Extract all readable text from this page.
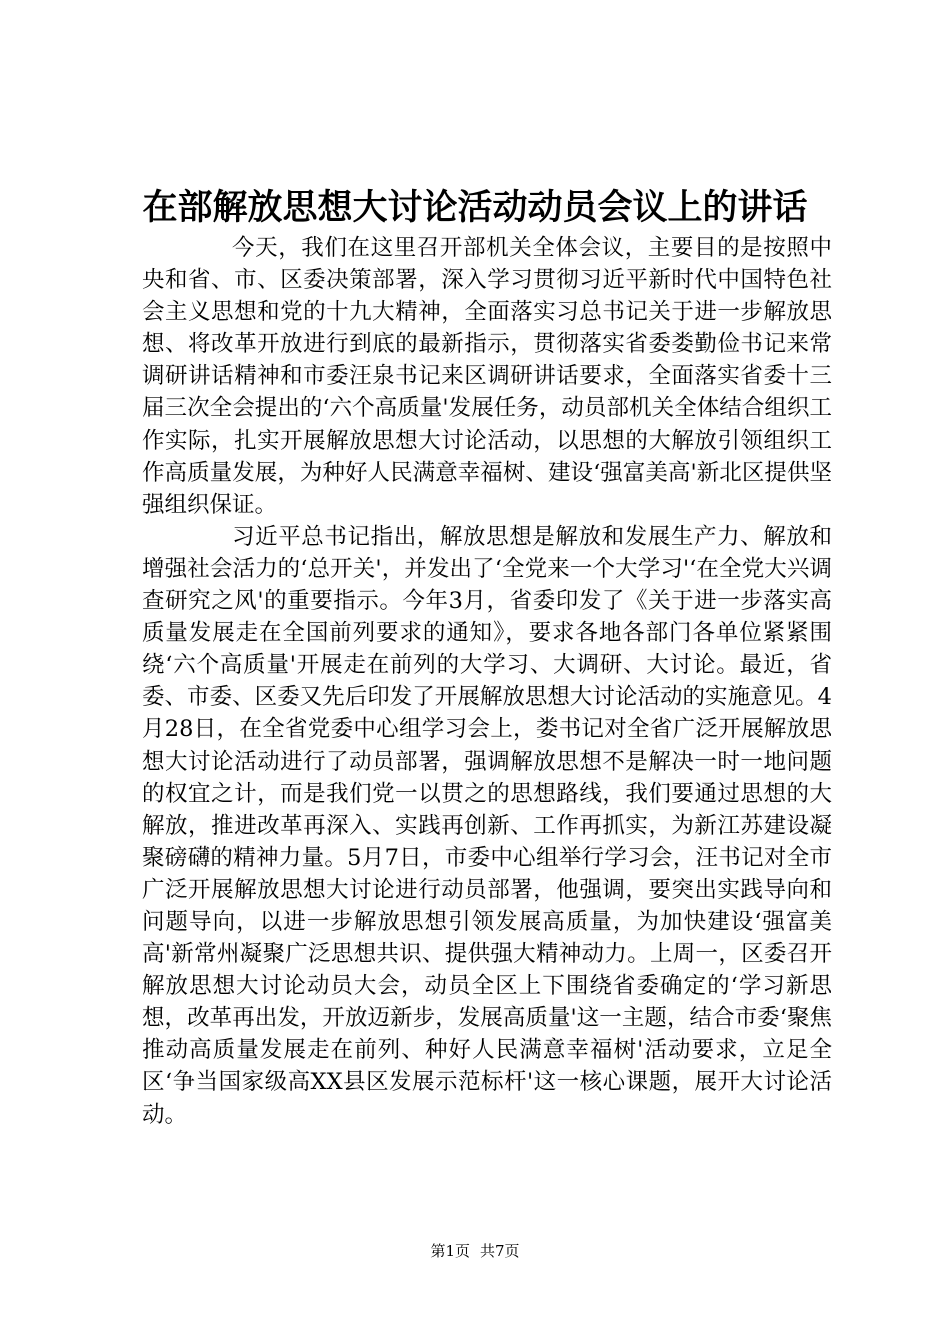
在部解放思想大讨论活动动员会议上的讲话

今天，我们在这里召开部机关全体会议，主要目的是按照中央和省、市、区委决策部署，深入学习贯彻习近平新时代中国特色社会主义思想和党的十九大精神，全面落实习总书记关于进一步解放思想、将改革开放进行到底的最新指示，贯彻落实省委娄勤俭书记来常调研讲话精神和市委汪泉书记来区调研讲话要求，全面落实省委十三届三次全会提出的‘六个高质量'发展任务，动员部机关全体结合组织工作实际，扎实开展解放思想大讨论活动，以思想的大解放引领组织工作高质量发展，为种好人民满意幸福树、建设‘强富美高'新北区提供坚强组织保证。

习近平总书记指出，解放思想是解放和发展生产力、解放和增强社会活力的‘总开关'，并发出了‘全党来一个大学习'‘在全党大兴调查研究之风'的重要指示。今年3月，省委印发了《关于进一步落实高质量发展走在全国前列要求的通知》，要求各地各部门各单位紧紧围绕‘六个高质量'开展走在前列的大学习、大调研、大讨论。最近，省委、市委、区委又先后印发了开展解放思想大讨论活动的实施意见。4月28日，在全省党委中心组学习会上，娄书记对全省广泛开展解放思想大讨论活动进行了动员部署，强调解放思想不是解决一时一地问题的权宜之计，而是我们党一以贯之的思想路线，我们要通过思想的大解放，推进改革再深入、实践再创新、工作再抓实，为新江苏建设凝聚磅礴的精神力量。5月7日，市委中心组举行学习会，汪书记对全市广泛开展解放思想大讨论进行动员部署，他强调，要突出实践导向和问题导向，以进一步解放思想引领发展高质量，为加快建设‘强富美高'新常州凝聚广泛思想共识、提供强大精神动力。上周一，区委召开解放思想大讨论动员大会，动员全区上下围绕省委确定的‘学习新思想，改革再出发，开放迈新步，发展高质量'这一主题，结合市委‘聚焦推动高质量发展走在前列、种好人民满意幸福树'活动要求，立足全区‘争当国家级高XX县区发展示范标杆'这一核心课题，展开大讨论活动。

第1页 共7页
